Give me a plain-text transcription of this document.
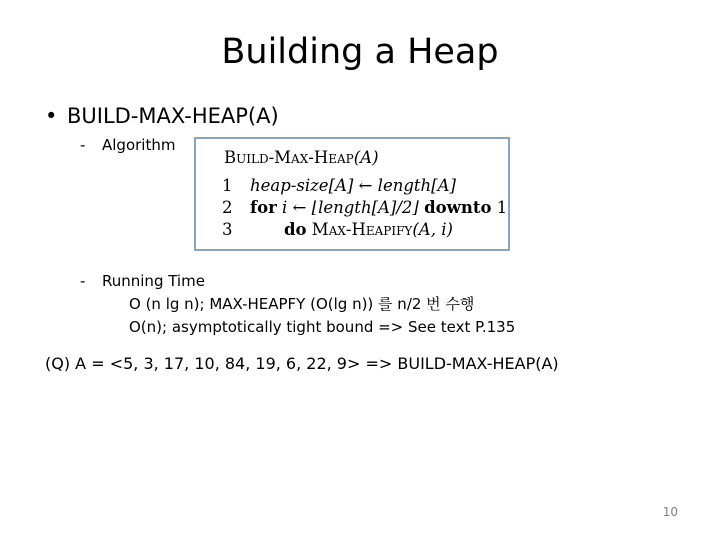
Building a Heap
• BUILD-MAX-HEAP(A)
- Algorithm
Build-Max-Heap(A)
1 heap-size[A] ← length[A]
2 for i ← ⌊length[A]/2⌋ downto 1
3	do Max-Heapify(A, i)
- Running Time
O (n lg n); MAX-HEAPFY (O(lg n)) 를 n/2 번 수행
O(n); asymptotically tight bound => See text P.135
(Q) A = <5, 3, 17, 10, 84, 19, 6, 22, 9> => BUILD-MAX-HEAP(A)
10
